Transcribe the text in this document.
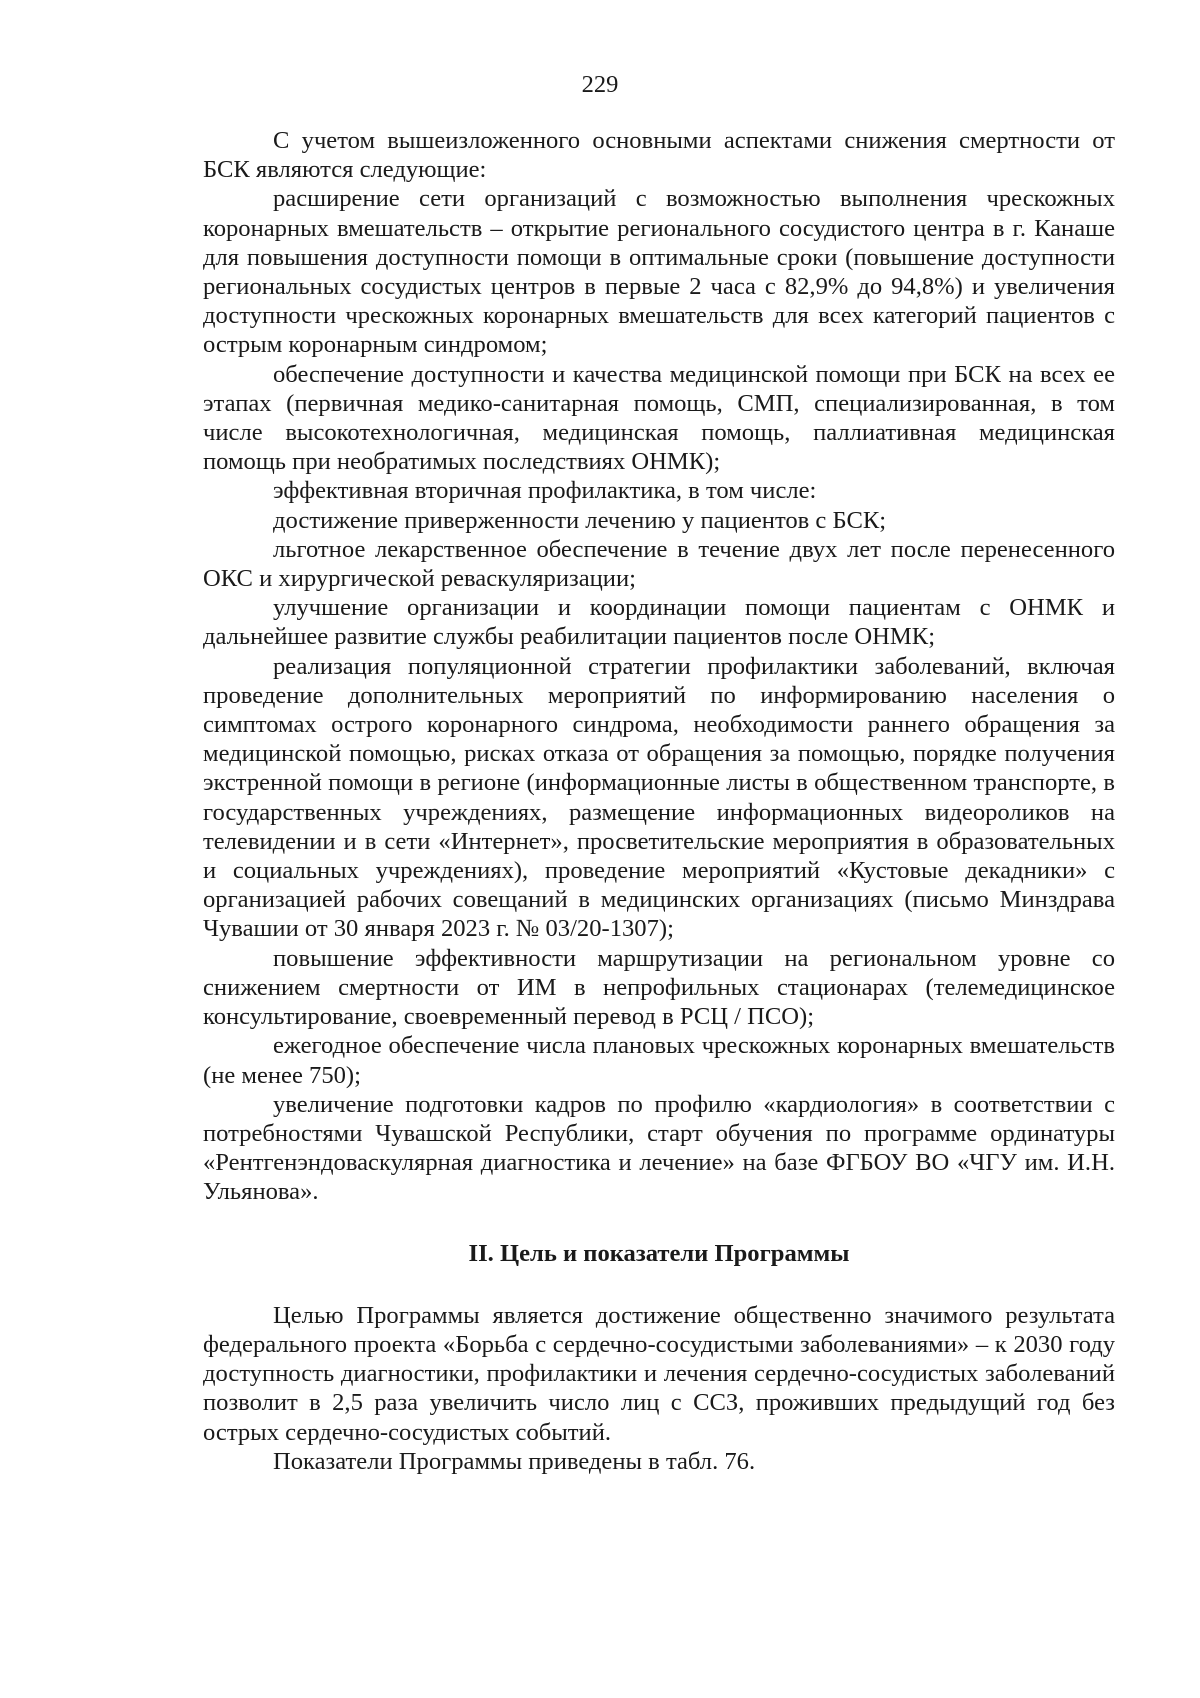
229

С учетом вышеизложенного основными аспектами снижения смертности от БСК являются следующие:

расширение сети организаций с возможностью выполнения чрескожных коронарных вмешательств – открытие регионального сосудистого центра в г. Канаше для повышения доступности помощи в оптимальные сроки (повышение доступности региональных сосудистых центров в первые 2 часа с 82,9% до 94,8%) и увеличения доступности чрескожных коронарных вмешательств для всех категорий пациентов с острым коронарным синдромом;

обеспечение доступности и качества медицинской помощи при БСК на всех ее этапах (первичная медико-санитарная помощь, СМП, специализированная, в том числе высокотехнологичная, медицинская помощь, паллиативная медицинская помощь при необратимых последствиях ОНМК);

эффективная вторичная профилактика, в том числе:

достижение приверженности лечению у пациентов с БСК;

льготное лекарственное обеспечение в течение двух лет после перенесенного ОКС и хирургической реваскуляризации;

улучшение организации и координации помощи пациентам с ОНМК и дальнейшее развитие службы реабилитации пациентов после ОНМК;

реализация популяционной стратегии профилактики заболеваний, включая проведение дополнительных мероприятий по информированию населения о симптомах острого коронарного синдрома, необходимости раннего обращения за медицинской помощью, рисках отказа от обращения за помощью, порядке получения экстренной помощи в регионе (информационные листы в общественном транспорте, в государственных учреждениях, размещение информационных видеороликов на телевидении и в сети «Интернет», просветительские мероприятия в образовательных и социальных учреждениях), проведение мероприятий «Кустовые декадники» с организацией рабочих совещаний в медицинских организациях (письмо Минздрава Чувашии от 30 января 2023 г. № 03/20-1307);

повышение эффективности маршрутизации на региональном уровне со снижением смертности от ИМ в непрофильных стационарах (телемедицинское консультирование, своевременный перевод в РСЦ / ПСО);

ежегодное обеспечение числа плановых чрескожных коронарных вмешательств (не менее 750);

увеличение подготовки кадров по профилю «кардиология» в соответствии с потребностями Чувашской Республики, старт обучения по программе ординатуры «Рентгенэндоваскулярная диагностика и лечение» на базе ФГБОУ ВО «ЧГУ им. И.Н. Ульянова».

II. Цель и показатели Программы

Целью Программы является достижение общественно значимого результата федерального проекта «Борьба с сердечно-сосудистыми заболеваниями» – к 2030 году доступность диагностики, профилактики и лечения сердечно-сосудистых заболеваний позволит в 2,5 раза увеличить число лиц с ССЗ, проживших предыдущий год без острых сердечно-сосудистых событий.

Показатели Программы приведены в табл. 76.
